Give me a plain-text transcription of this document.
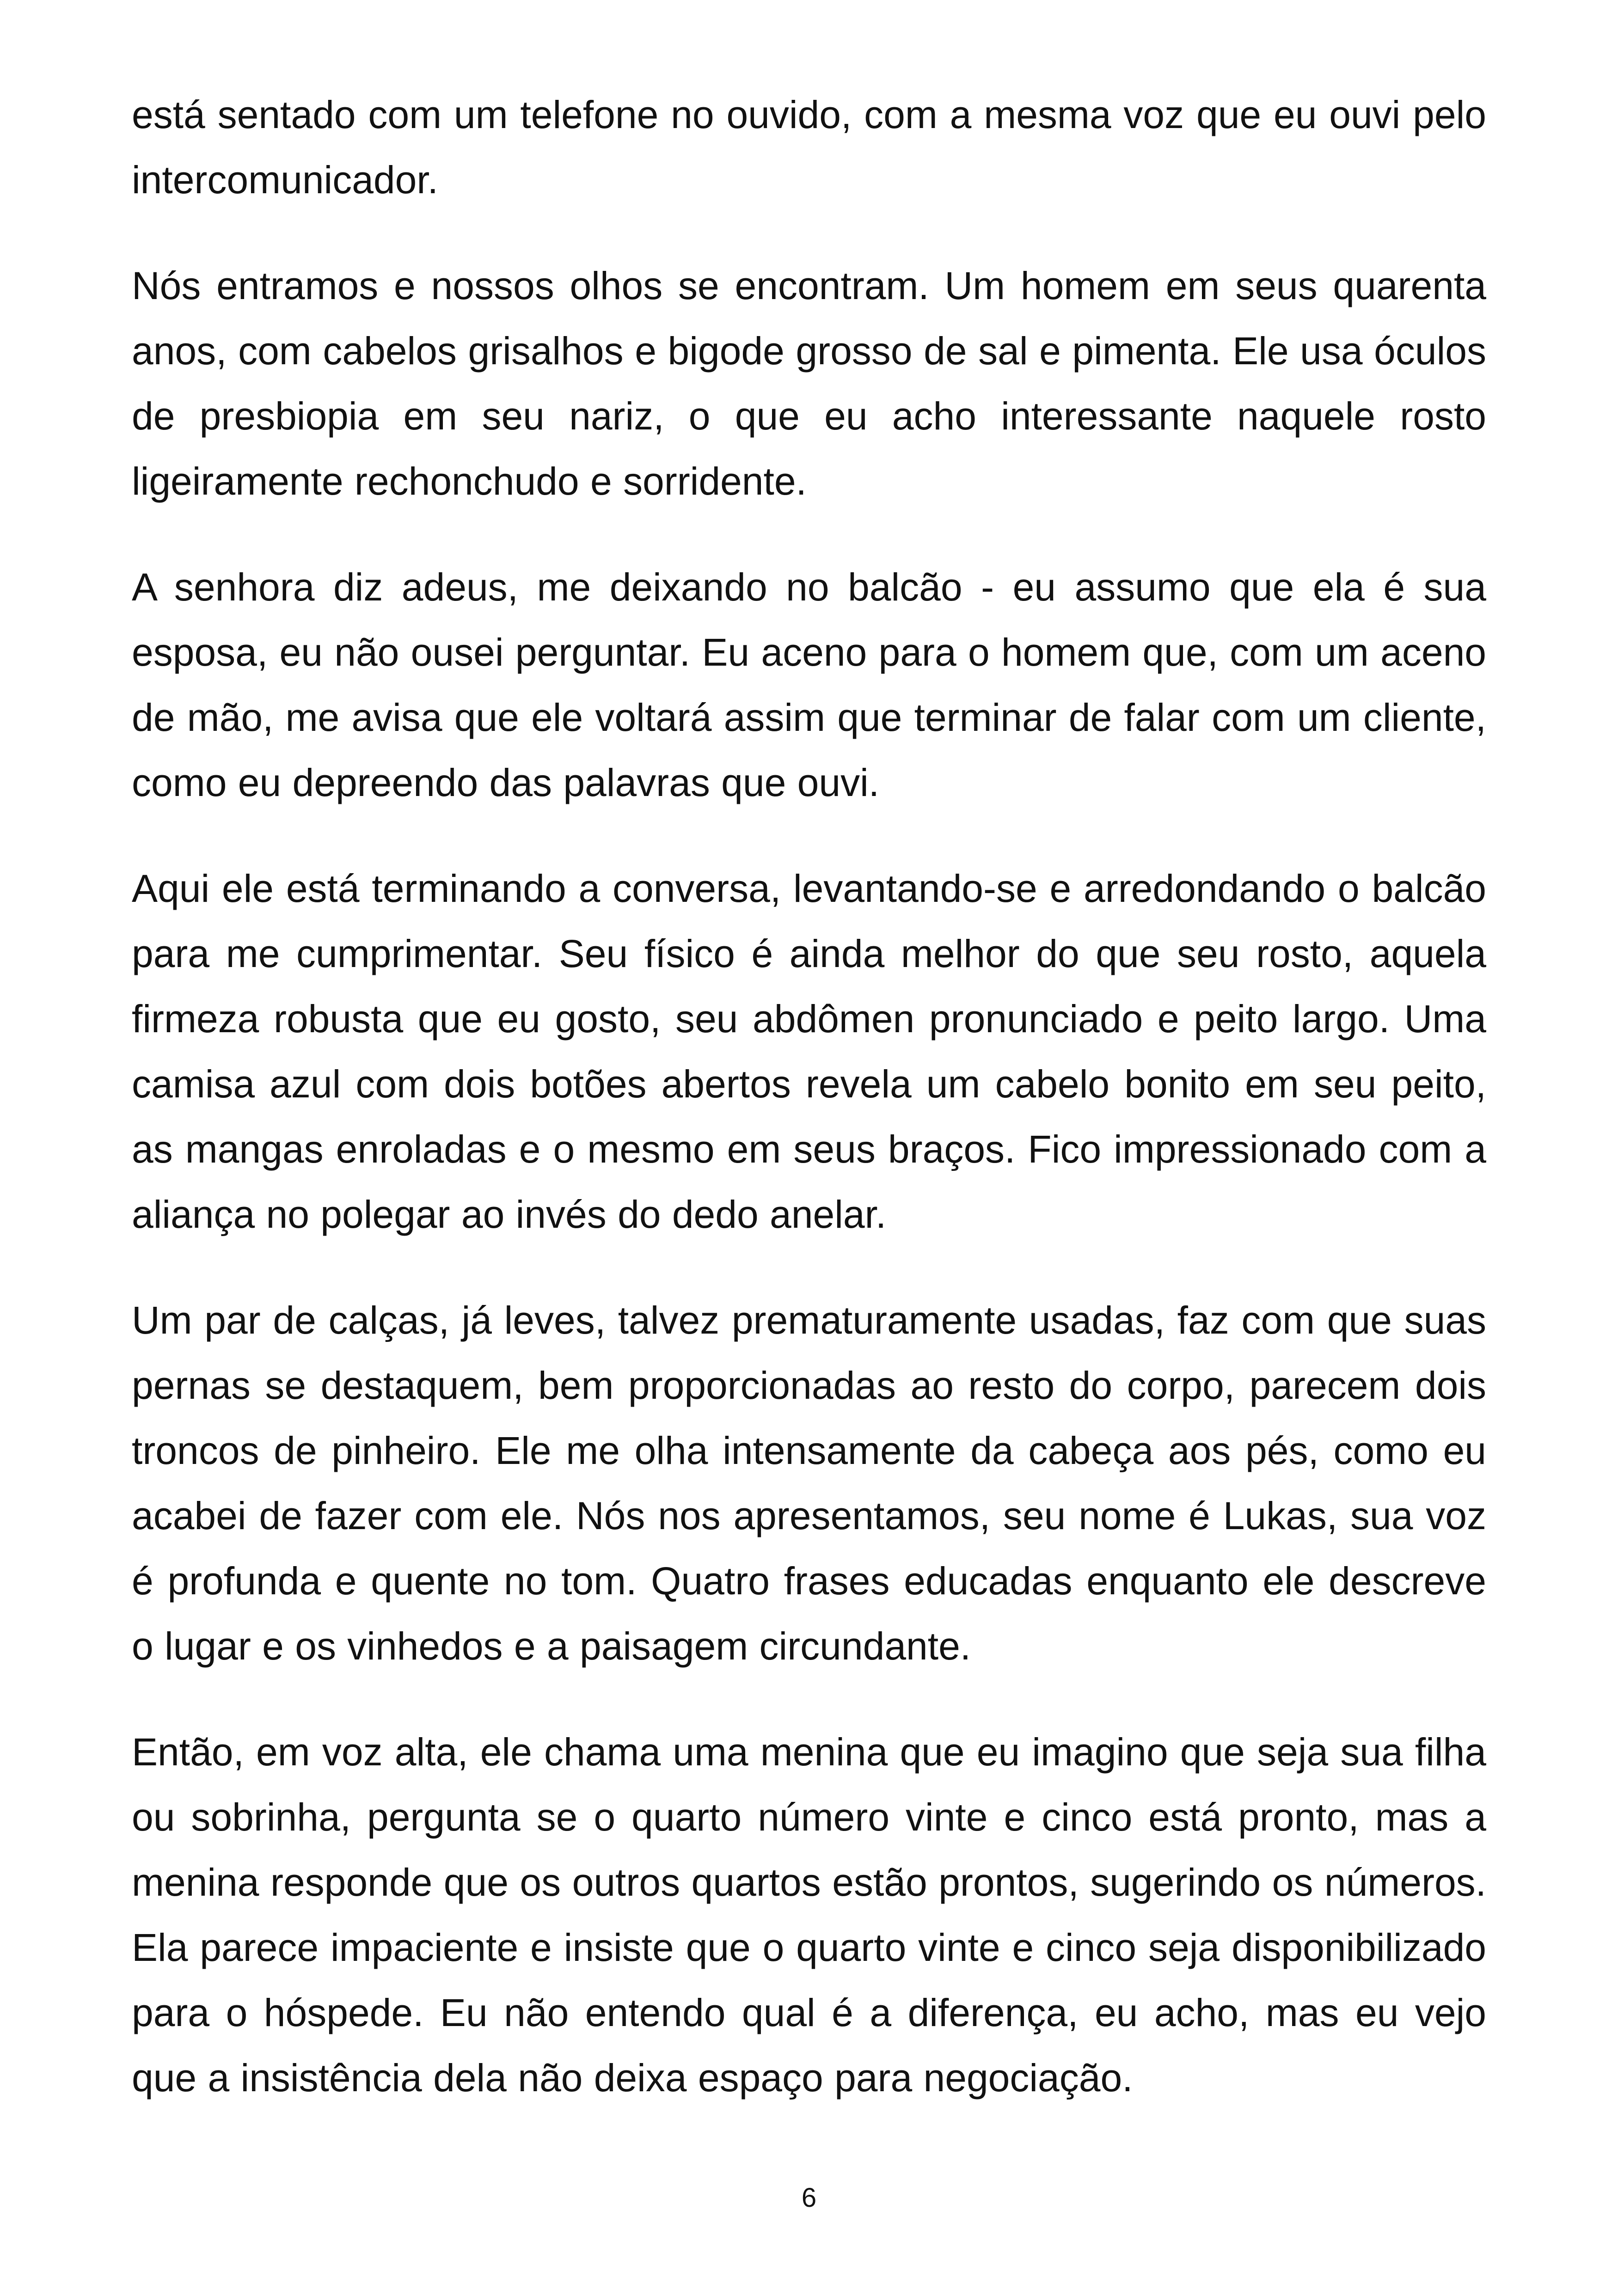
está sentado com um telefone no ouvido, com a mesma voz que eu ouvi pelo intercomunicador.

Nós entramos e nossos olhos se encontram. Um homem em seus quarenta anos, com cabelos grisalhos e bigode grosso de sal e pimenta. Ele usa óculos de presbiopia em seu nariz, o que eu acho interessante naquele rosto ligeiramente rechonchudo e sorridente.

A senhora diz adeus, me deixando no balcão - eu assumo que ela é sua esposa, eu não ousei perguntar. Eu aceno para o homem que, com um aceno de mão, me avisa que ele voltará assim que terminar de falar com um cliente, como eu depreendo das palavras que ouvi.

Aqui ele está terminando a conversa, levantando-se e arredondando o balcão para me cumprimentar. Seu físico é ainda melhor do que seu rosto, aquela firmeza robusta que eu gosto, seu abdômen pronunciado e peito largo. Uma camisa azul com dois botões abertos revela um cabelo bonito em seu peito, as mangas enroladas e o mesmo em seus braços. Fico impressionado com a aliança no polegar ao invés do dedo anelar.

Um par de calças, já leves, talvez prematuramente usadas, faz com que suas pernas se destaquem, bem proporcionadas ao resto do corpo, parecem dois troncos de pinheiro. Ele me olha intensamente da cabeça aos pés, como eu acabei de fazer com ele. Nós nos apresentamos, seu nome é Lukas, sua voz é profunda e quente no tom. Quatro frases educadas enquanto ele descreve o lugar e os vinhedos e a paisagem circundante.

Então, em voz alta, ele chama uma menina que eu imagino que seja sua filha ou sobrinha, pergunta se o quarto número vinte e cinco está pronto, mas a menina responde que os outros quartos estão prontos, sugerindo os números. Ela parece impaciente e insiste que o quarto vinte e cinco seja disponibilizado para o hóspede. Eu não entendo qual é a diferença, eu acho, mas eu vejo que a insistência dela não deixa espaço para negociação.

6
